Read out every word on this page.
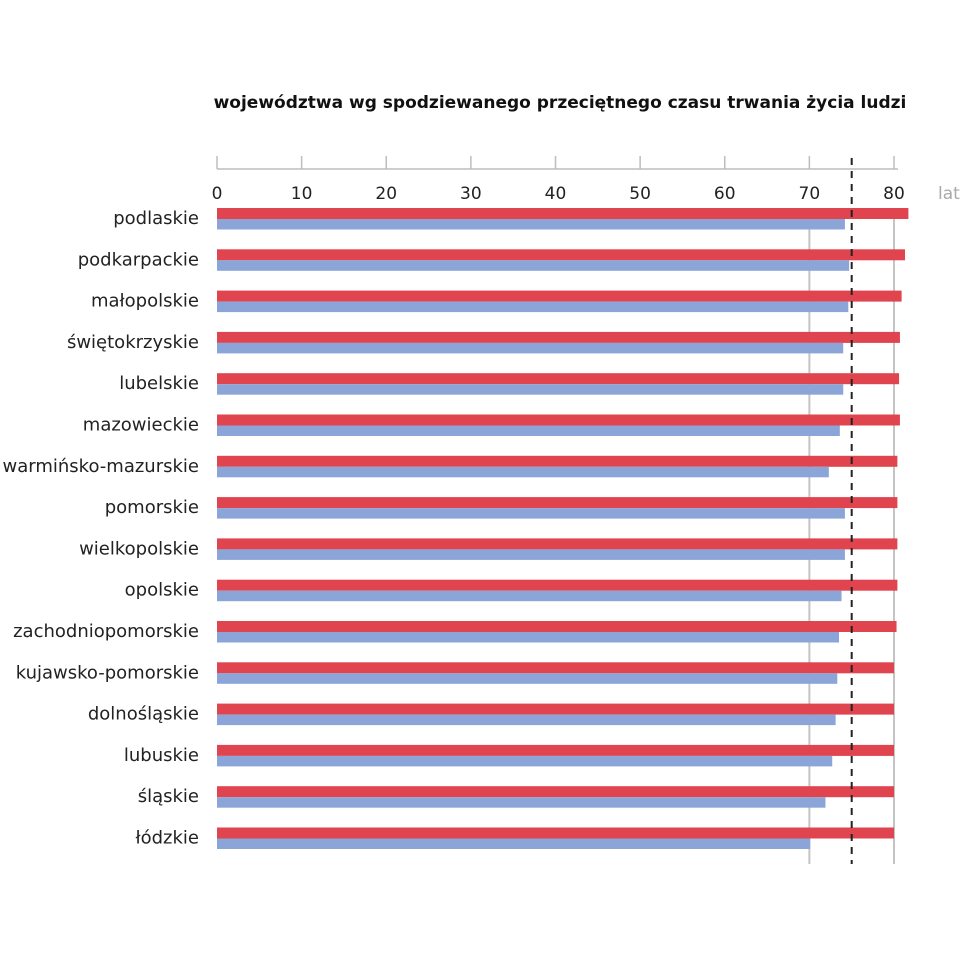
województwa wg spodziewanego przeciętnego czasu trwania życia ludzi
0	10	20	30	40	50	60	70	80
podlaskie
podkarpackie
małopolskie
świętokrzyskie
lubelskie
mazowieckie
warmińsko-mazurskie
pomorskie
wielkopolskie
opolskie
zachodniopomorskie
kujawsko-pomorskie
dolnośląskie
lubuskie
śląskie
łódzkie
lat
